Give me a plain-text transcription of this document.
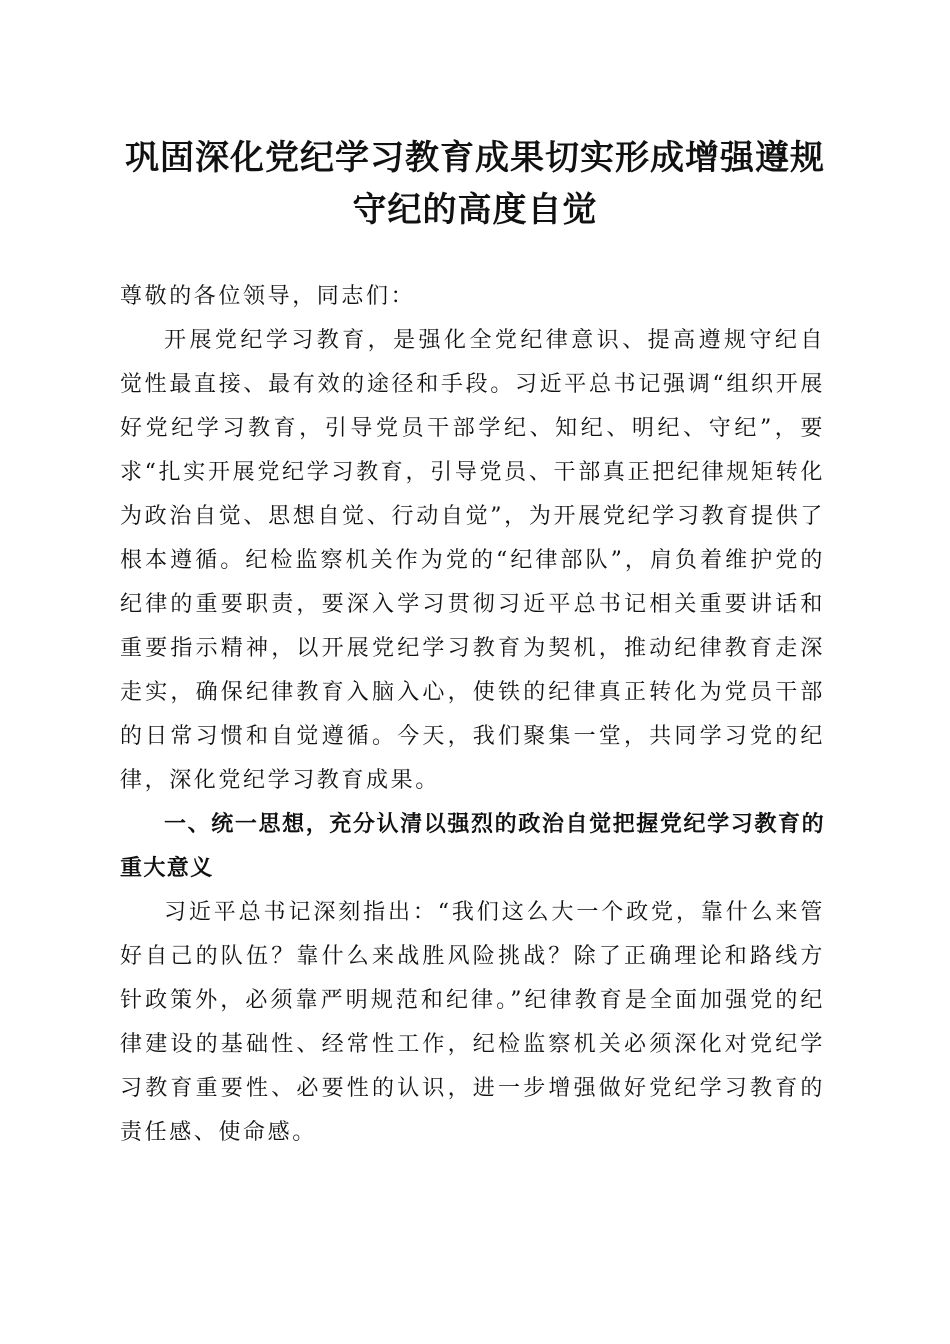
巩固深化党纪学习教育成果切实形成增强遵规守纪的高度自觉

尊敬的各位领导，同志们：

开展党纪学习教育，是强化全党纪律意识、提高遵规守纪自觉性最直接、最有效的途径和手段。习近平总书记强调“组织开展好党纪学习教育，引导党员干部学纪、知纪、明纪、守纪”，要求“扎实开展党纪学习教育，引导党员、干部真正把纪律规矩转化为政治自觉、思想自觉、行动自觉”，为开展党纪学习教育提供了根本遵循。纪检监察机关作为党的“纪律部队”，肩负着维护党的纪律的重要职责，要深入学习贯彻习近平总书记相关重要讲话和重要指示精神，以开展党纪学习教育为契机，推动纪律教育走深走实，确保纪律教育入脑入心，使铁的纪律真正转化为党员干部的日常习惯和自觉遵循。今天，我们聚集一堂，共同学习党的纪律，深化党纪学习教育成果。

一、统一思想，充分认清以强烈的政治自觉把握党纪学习教育的重大意义

习近平总书记深刻指出：“我们这么大一个政党，靠什么来管好自己的队伍？靠什么来战胜风险挑战？除了正确理论和路线方针政策外，必须靠严明规范和纪律。”纪律教育是全面加强党的纪律建设的基础性、经常性工作，纪检监察机关必须深化对党纪学习教育重要性、必要性的认识，进一步增强做好党纪学习教育的责任感、使命感。
